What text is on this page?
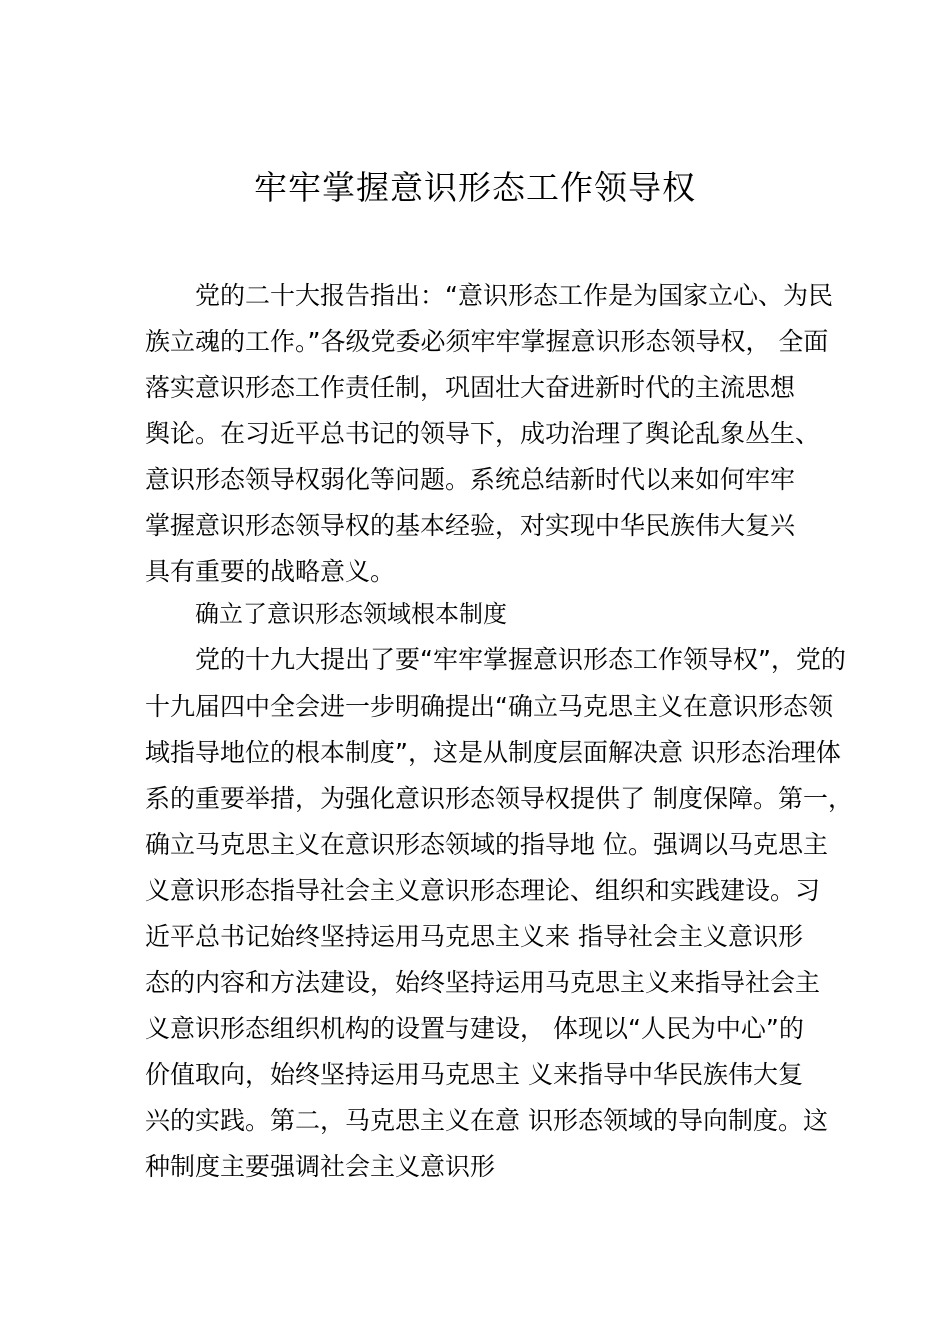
牢牢掌握意识形态工作领导权
党的二十大报告指出：“意识形态工作是为国家立心、为民
族立魂的工作。”各级党委必须牢牢掌握意识形态领导权， 全面
落实意识形态工作责任制，巩固壮大奋进新时代的主流思想
舆论。在习近平总书记的领导下，成功治理了舆论乱象丛生、
意识形态领导权弱化等问题。系统总结新时代以来如何牢牢
掌握意识形态领导权的基本经验，对实现中华民族伟大复兴
具有重要的战略意义。
确立了意识形态领域根本制度
党的十九大提出了要“牢牢掌握意识形态工作领导权”，党的
十九届四中全会进一步明确提出“确立马克思主义在意识形态领
域指导地位的根本制度”，这是从制度层面解决意 识形态治理体
系的重要举措，为强化意识形态领导权提供了 制度保障。第一，
确立马克思主义在意识形态领域的指导地 位。强调以马克思主
义意识形态指导社会主义意识形态理论、组织和实践建设。习
近平总书记始终坚持运用马克思主义来 指导社会主义意识形
态的内容和方法建设，始终坚持运用马克思主义来指导社会主
义意识形态组织机构的设置与建设， 体现以“人民为中心”的
价值取向，始终坚持运用马克思主 义来指导中华民族伟大复
兴的实践。第二，马克思主义在意 识形态领域的导向制度。这
种制度主要强调社会主义意识形
